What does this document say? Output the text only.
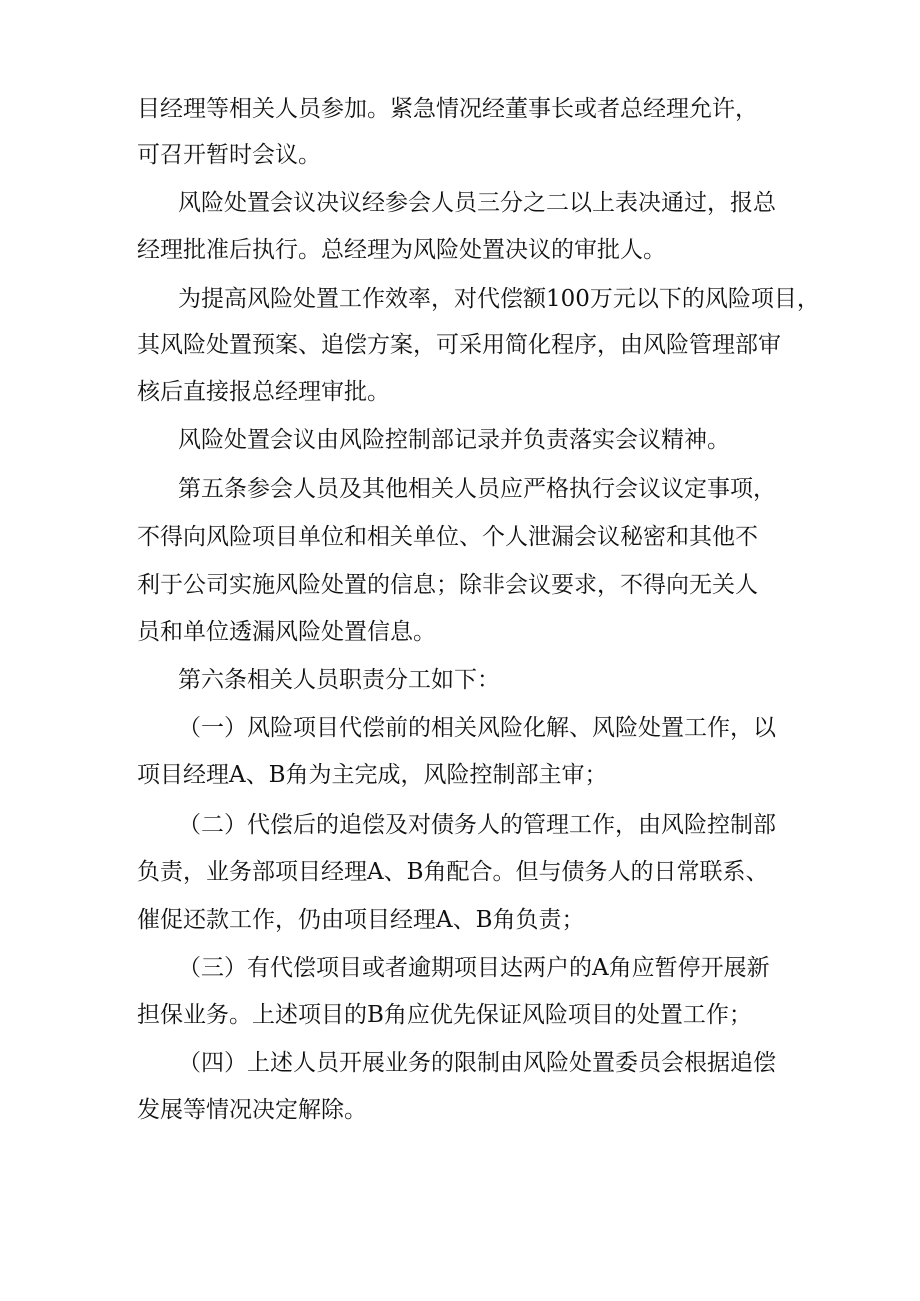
目经理等相关人员参加。紧急情况经董事长或者总经理允许，
可召开暂时会议。
风险处置会议决议经参会人员三分之二以上表决通过，报总
经理批准后执行。总经理为风险处置决议的审批人。
为提高风险处置工作效率，对代偿额100万元以下的风险项目，
其风险处置预案、追偿方案，可采用简化程序，由风险管理部审
核后直接报总经理审批。
风险处置会议由风险控制部记录并负责落实会议精神。
第五条参会人员及其他相关人员应严格执行会议议定事项，
不得向风险项目单位和相关单位、个人泄漏会议秘密和其他不
利于公司实施风险处置的信息；除非会议要求，不得向无关人
员和单位透漏风险处置信息。
第六条相关人员职责分工如下：
（一）风险项目代偿前的相关风险化解、风险处置工作，以
项目经理A、B角为主完成，风险控制部主审；
（二）代偿后的追偿及对债务人的管理工作，由风险控制部
负责，业务部项目经理A、B角配合。但与债务人的日常联系、
催促还款工作，仍由项目经理A、B角负责；
（三）有代偿项目或者逾期项目达两户的A角应暂停开展新
担保业务。上述项目的B角应优先保证风险项目的处置工作；
（四）上述人员开展业务的限制由风险处置委员会根据追偿
发展等情况决定解除。
